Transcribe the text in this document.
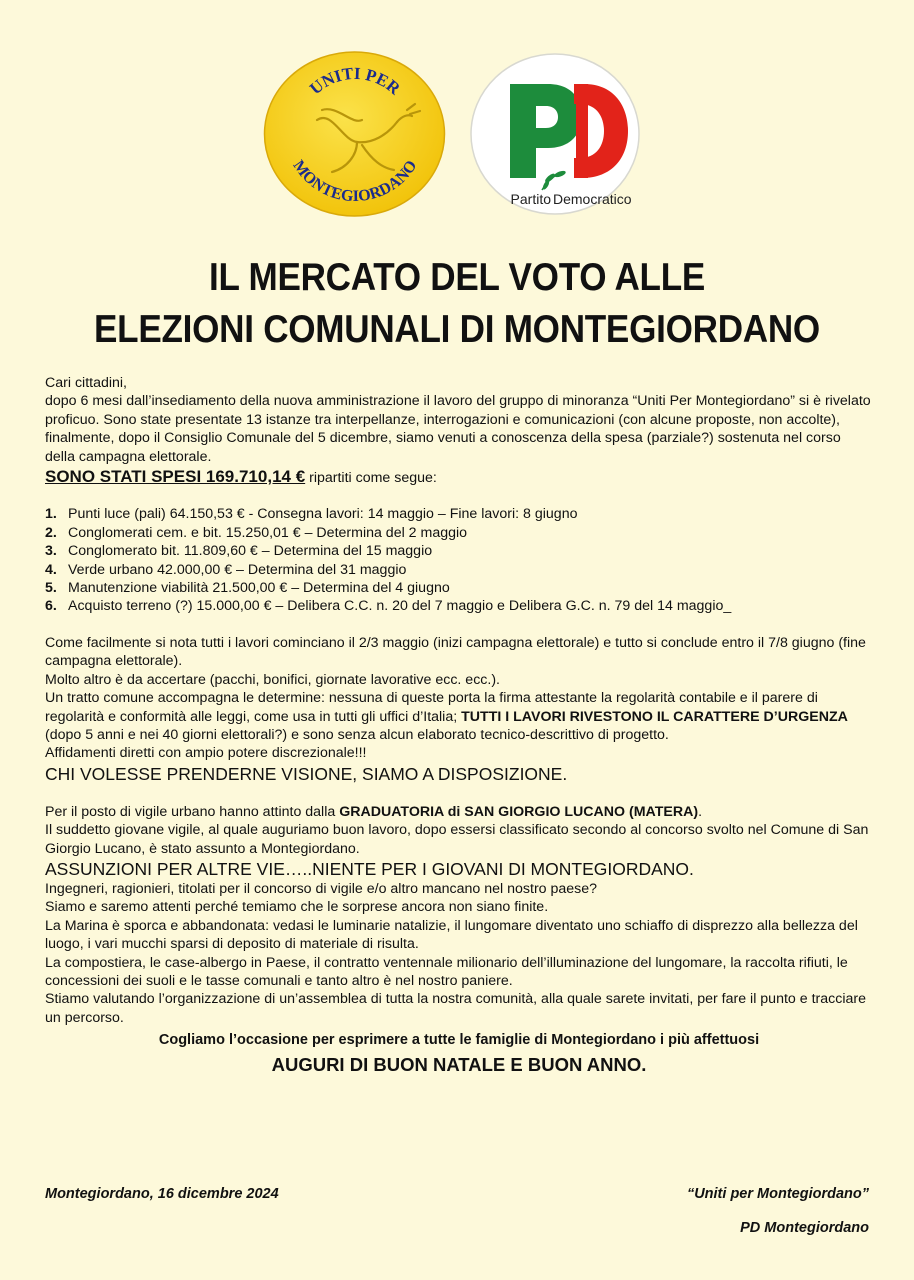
UNITI PER
MONTEGIORDANO
Partito Democratico
IL MERCATO DEL VOTO ALLE
ELEZIONI COMUNALI DI MONTEGIORDANO

Cari cittadini,

dopo 6 mesi dall’insediamento della nuova amministrazione il lavoro del gruppo di minoranza “Uniti Per Montegiordano” si è rivelato proficuo. Sono state presentate 13 istanze tra interpellanze, interrogazioni e comunicazioni (con alcune proposte, non accolte), finalmente, dopo il Consiglio Comunale del 5 dicembre, siamo venuti a conoscenza della spesa (parziale?) sostenuta nel corso della campagna elettorale.

SONO STATI SPESI 169.710,14 € ripartiti come segue:

1. Punti luce (pali) 64.150,53 € - Consegna lavori: 14 maggio – Fine lavori: 8 giugno
2. Conglomerati cem. e bit. 15.250,01 € – Determina del 2 maggio
3. Conglomerato bit. 11.809,60 € – Determina del 15 maggio
4. Verde urbano 42.000,00 € – Determina del 31 maggio
5. Manutenzione viabilità 21.500,00 € – Determina del 4 giugno
6. Acquisto terreno (?) 15.000,00 € – Delibera C.C. n. 20 del 7 maggio e Delibera G.C. n. 79 del 14 maggio_

Come facilmente si nota tutti i lavori cominciano il 2/3 maggio (inizi campagna elettorale) e tutto si conclude entro il 7/8 giugno (fine campagna elettorale).

Molto altro è da accertare (pacchi, bonifici, giornate lavorative ecc. ecc.).

Un tratto comune accompagna le determine: nessuna di queste porta la firma attestante la regolarità contabile e il parere di regolarità e conformità alle leggi, come usa in tutti gli uffici d’Italia; TUTTI I LAVORI RIVESTONO IL CARATTERE D’URGENZA (dopo 5 anni e nei 40 giorni elettorali?) e sono senza alcun elaborato tecnico-descrittivo di progetto.

Affidamenti diretti con ampio potere discrezionale!!!

CHI VOLESSE PRENDERNE VISIONE, SIAMO A DISPOSIZIONE.

Per il posto di vigile urbano hanno attinto dalla GRADUATORIA di SAN GIORGIO LUCANO (MATERA).

Il suddetto giovane vigile, al quale auguriamo buon lavoro, dopo essersi classificato secondo al concorso svolto nel Comune di San Giorgio Lucano, è stato assunto a Montegiordano.

ASSUNZIONI PER ALTRE VIE…..NIENTE PER I GIOVANI DI MONTEGIORDANO.

Ingegneri, ragionieri, titolati per il concorso di vigile e/o altro mancano nel nostro paese?

Siamo e saremo attenti perché temiamo che le sorprese ancora non siano finite.

La Marina è sporca e abbandonata: vedasi le luminarie natalizie, il lungomare diventato uno schiaffo di disprezzo alla bellezza del luogo, i vari mucchi sparsi di deposito di materiale di risulta.

La compostiera, le case-albergo in Paese, il contratto ventennale milionario dell’illuminazione del lungomare, la raccolta rifiuti, le concessioni dei suoli e le tasse comunali e tanto altro è nel nostro paniere.

Stiamo valutando l’organizzazione di un’assemblea di tutta la nostra comunità, alla quale sarete invitati, per fare il punto e tracciare un percorso.

Cogliamo l’occasione per esprimere a tutte le famiglie di Montegiordano i più affettuosi

AUGURI DI BUON NATALE E BUON ANNO.

Montegiordano, 16 dicembre 2024	“Uniti per Montegiordano”
PD Montegiordano
